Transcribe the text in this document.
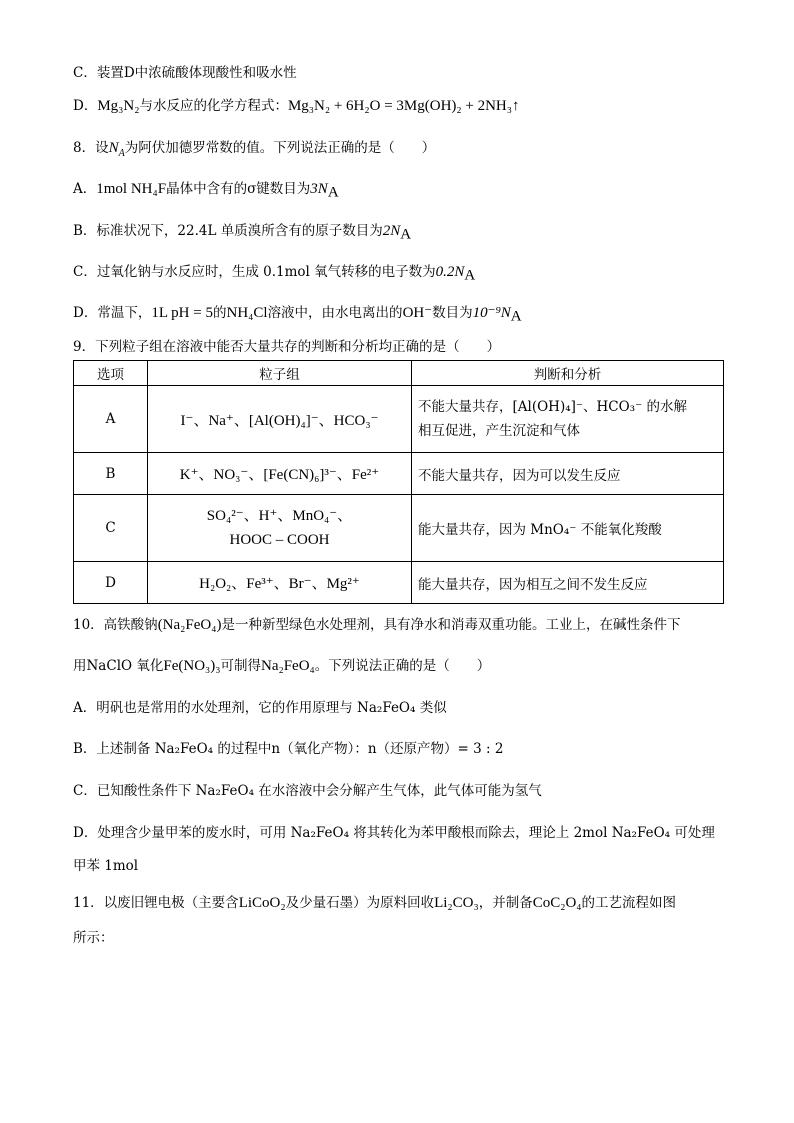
C．装置D中浓硫酸体现酸性和吸水性
D．Mg₃N₂与水反应的化学方程式：Mg₃N₂ + 6H₂O = 3Mg(OH)₂ + 2NH₃↑
8．设$N_A$为阿伏加德罗常数的值。下列说法正确的是（　　）
A．1mol NH₄F晶体中含有的σ键数目为$3N_A$
B．标准状况下，22.4L 单质溴所含有的原子数目为$2N_A$
C．过氧化钠与水反应时，生成 0.1mol 氧气转移的电子数为$0.2N_A$
D．常温下，1L pH = 5的NH₄Cl溶液中，由水电离出的OH⁻数目为$10^{-9}N_A$
9．下列粒子组在溶液中能否大量共存的判断和分析均正确的是（　　）
选项	粒子组	判断和分析
A	I⁻、Na⁺、[Al(OH)₄]⁻、HCO₃⁻	不能大量共存，[Al(OH)₄]⁻、HCO₃⁻ 的水解
相互促进，产生沉淀和气体

B	K⁺、NO₃⁻、[Fe(CN)₆]³⁻、Fe²⁺	不能大量共存，因为可以发生反应
C	SO₄²⁻、H⁺、MnO₄⁻、
HOOC – COOH	能大量共存，因为 MnO₄⁻ 不能氧化羧酸
D	H₂O₂、Fe³⁺、Br⁻、Mg²⁺	能大量共存，因为相互之间不发生反应
10．高铁酸钠(Na₂FeO₄)是一种新型绿色水处理剂，具有净水和消毒双重功能。工业上，在碱性条件下
用NaClO 氧化Fe(NO₃)₃可制得Na₂FeO₄。下列说法正确的是（　　）
A．明矾也是常用的水处理剂，它的作用原理与 Na₂FeO₄ 类似
B．上述制备 Na₂FeO₄ 的过程中n（氧化产物）：n（还原产物）= 3 : 2
C．已知酸性条件下 Na₂FeO₄ 在水溶液中会分解产生气体，此气体可能为氢气
D．处理含少量甲苯的废水时，可用 Na₂FeO₄ 将其转化为苯甲酸根而除去，理论上 2mol Na₂FeO₄ 可处理
甲苯 1mol
11．以废旧锂电极（主要含LiCoO₂及少量石墨）为原料回收Li₂CO₃，并制备CoC₂O₄的工艺流程如图
所示：
